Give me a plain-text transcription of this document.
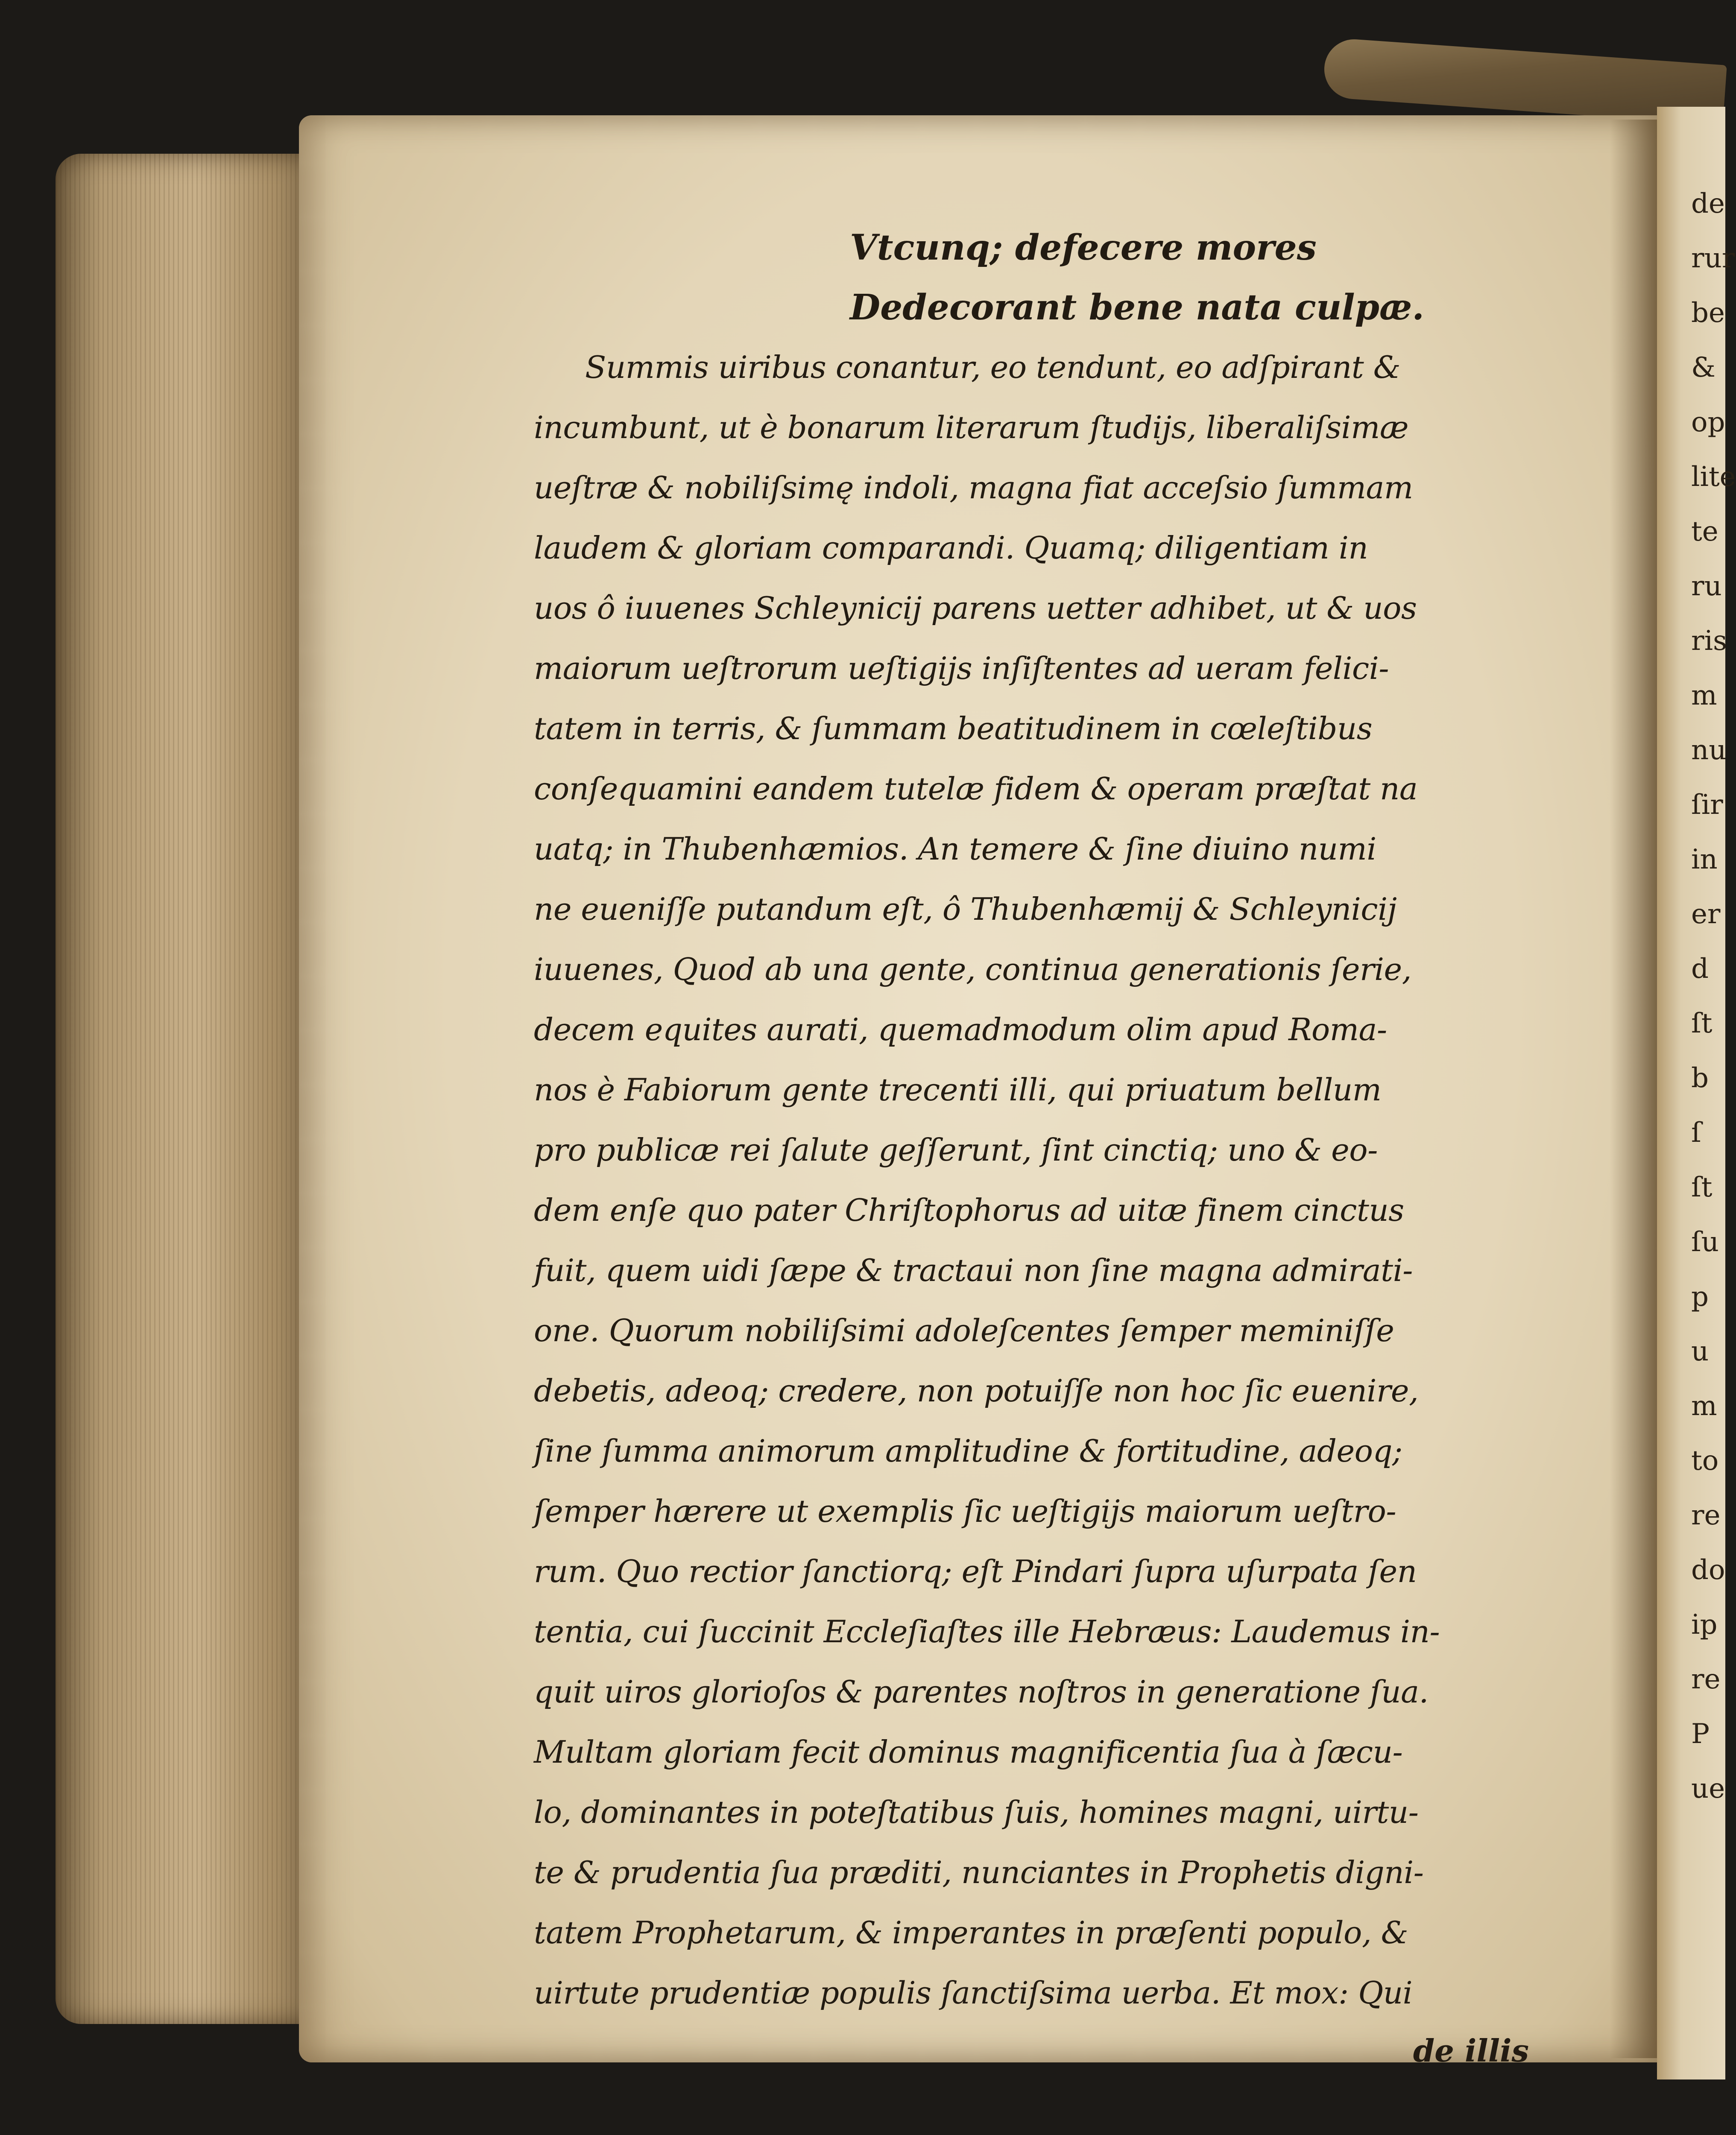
de
rur
be
&
op
lite
te
ru
ris
m
nu
ſir
in
er
d
ſt
b
ſ
ſt
ſu
p
u
m
to
re
do
ip
re
P
ue
Vtcunq; defecere mores
Dedecorant bene nata culpæ.
Summis uiribus conantur, eo tendunt, eo adſpirant &
incumbunt, ut è bonarum literarum ſtudijs, liberaliſsimæ
ueſtræ & nobiliſsimę indoli, magna fiat acceſsio ſummam
laudem & gloriam comparandi. Quamq; diligentiam in
uos ô iuuenes Schleynicij parens uetter adhibet, ut & uos
maiorum ueſtrorum ueſtigijs inſiſtentes ad ueram felici-
tatem in terris, & ſummam beatitudinem in cœleſtibus
conſequamini eandem tutelæ fidem & operam præſtat na
uatq; in Thubenhæmios. An temere & ſine diuino numi
ne eueniſſe putandum eſt, ô Thubenhæmij & Schleynicij
iuuenes, Quod ab una gente, continua generationis ſerie,
decem equites aurati, quemadmodum olim apud Roma-
nos è Fabiorum gente trecenti illi, qui priuatum bellum
pro publicæ rei ſalute geſſerunt, ſint cinctiq; uno & eo-
dem enſe quo pater Chriſtophorus ad uitæ finem cinctus
fuit, quem uidi ſæpe & tractaui non ſine magna admirati-
one. Quorum nobiliſsimi adoleſcentes ſemper meminiſſe
debetis, adeoq; credere, non potuiſſe non hoc ſic euenire,
ſine ſumma animorum amplitudine & fortitudine, adeoq;
ſemper hærere ut exemplis ſic ueſtigijs maiorum ueſtro-
rum. Quo rectior ſanctiorq; eſt Pindari ſupra uſurpata ſen
tentia, cui ſuccinit Eccleſiaſtes ille Hebræus: Laudemus in-
quit uiros glorioſos & parentes noſtros in generatione ſua.
Multam gloriam fecit dominus magnificentia ſua à ſæcu-
lo, dominantes in poteſtatibus ſuis, homines magni, uirtu-
te & prudentia ſua præditi, nunciantes in Prophetis digni-
tatem Prophetarum, & imperantes in præſenti populo, &
uirtute prudentiæ populis ſanctiſsima uerba. Et mox: Qui
de illis
